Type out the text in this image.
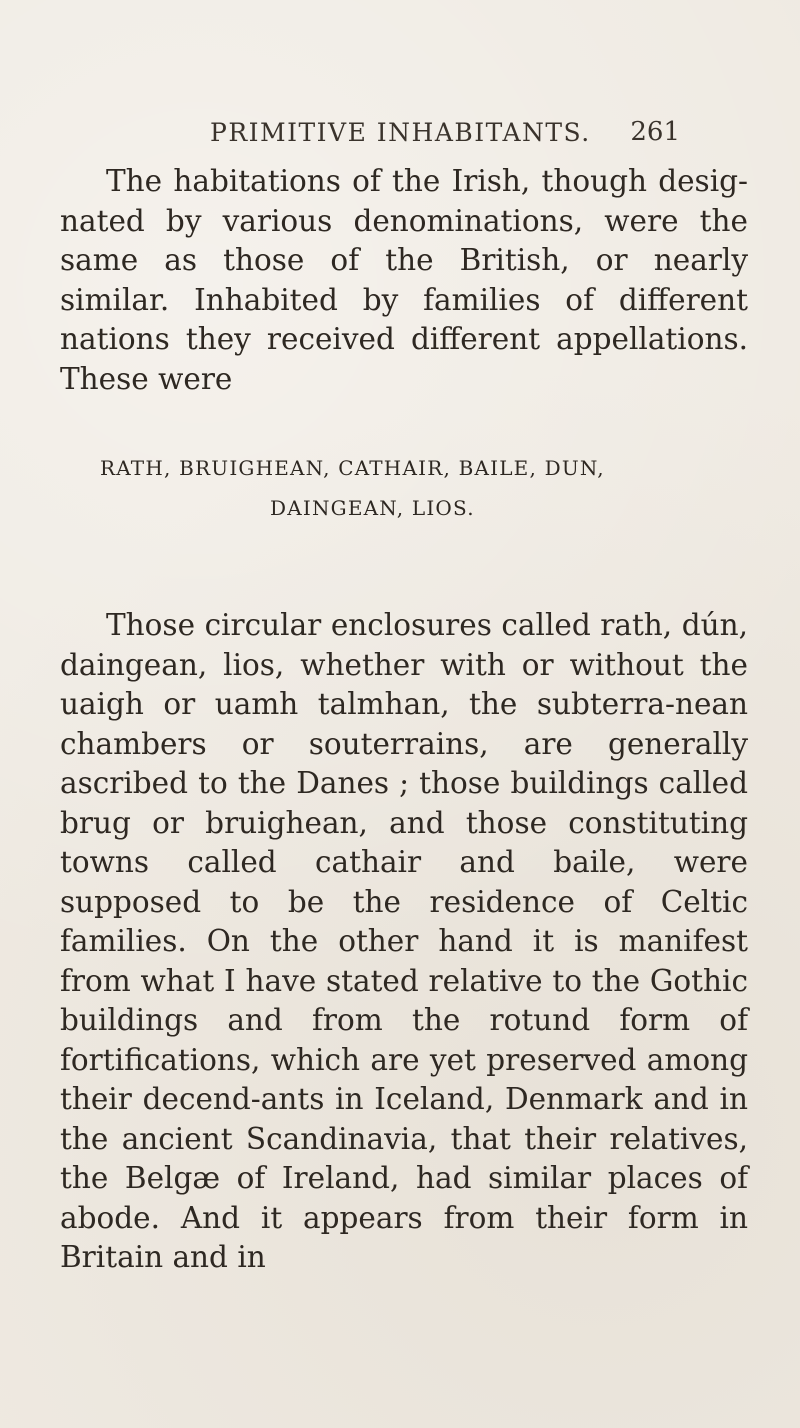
PRIMITIVE INHABITANTS. 261

The habitations of the Irish, though desig-nated by various denominations, were the same as those of the British, or nearly similar. Inhabited by families of different nations they received different appellations. These were

RATH, BRUIGHEAN, CATHAIR, BAILE, DUN,
DAINGEAN, LIOS.

Those circular enclosures called rath, dún, daingean, lios, whether with or without the uaigh or uamh talmhan, the subterra-nean chambers or souterrains, are generally ascribed to the Danes ; those buildings called brug or bruighean, and those constituting towns called cathair and baile, were supposed to be the residence of Celtic families. On the other hand it is manifest from what I have stated relative to the Gothic buildings and from the rotund form of fortifications, which are yet preserved among their decend-ants in Iceland, Denmark and in the ancient Scandinavia, that their relatives, the Belgæ of Ireland, had similar places of abode. And it appears from their form in Britain and in
